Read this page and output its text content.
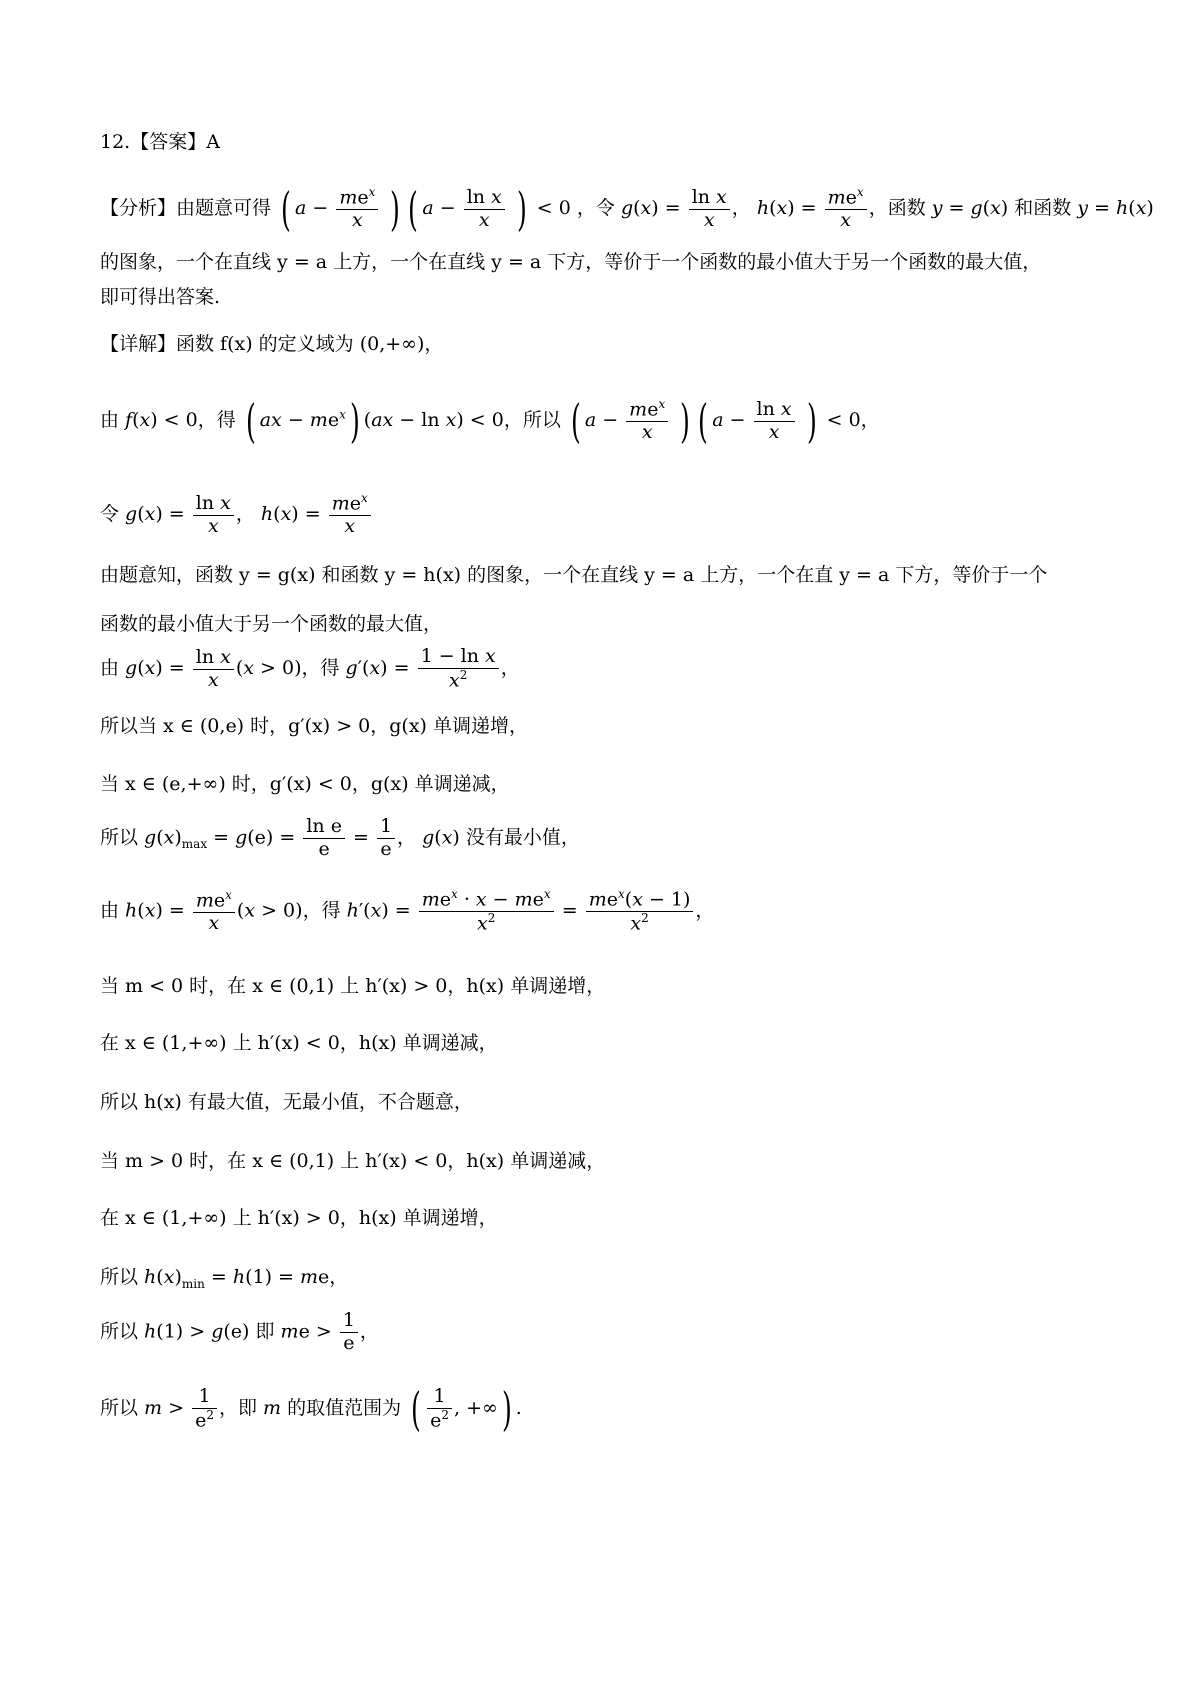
12.【答案】A
【分析】由题意可得 ( $a - me^x$
x ) ( $a - \frac{\text{ln x}}{x}$ ) < 0 ，令 $g(x) = \frac{\text{ln x}}{x}$ ， $h(x) = me^x$
x
，函数 y = g(x) 和函数 y = h(x)
的图象，一个在直线 y = a 上方，一个在直线 y = a 下方，等价于一个函数的最小值大于另一个函数的最大值，
即可得出答案.
【详解】函数 f(x) 的定义域为 (0,+∞)，
由 f(x) < 0，得 ( ax − $me^x$) (ax − ln x) < 0，所以 ( $a - me^x$
x ) ( $a - \frac{\text{ln x}}{x}$ ) < 0，
令 $g(x) = \frac{\text{ln x}}{x}$ ， $h(x) = me^x$
x
由题意知，函数 y = g(x) 和函数 y = h(x) 的图象，一个在直线 y = a 上方，一个在直 y = a 下方，等价于一个
函数的最小值大于另一个函数的最大值，
由 $g(x) = \frac{\text{ln x}}{x} (x > 0)$，得 $g'(x) = \frac{\text{1 − ln x}}{x^2}$ ，
所以当 x ∈ (0,e) 时，g′(x) > 0，g(x) 单调递增，
当 x ∈ (e,+∞) 时，g′(x) < 0，g(x) 单调递减，
所以 $g(x)_{max} = g(e) = \frac{\text{ln e}}{e} = \frac{1}{e}$ ， g(x) 没有最小值，
由 $h(x) = me^x$
x
(x > 0)，得 h′(x) =
$me^x \cdot x - me^x$
$x^2$	=
$me^x(x - 1)$
$x^2$	，
当 m < 0 时，在 x ∈ (0,1) 上 h′(x) > 0，h(x) 单调递增，
在 x ∈ (1,+∞) 上 h′(x) < 0，h(x) 单调递减，
所以 h(x) 有最大值，无最小值，不合题意，
当 m > 0 时，在 x ∈ (0,1) 上 h′(x) < 0，h(x) 单调递减，
在 x ∈ (1,+∞) 上 h′(x) > 0，h(x) 单调递增，
所以 $h(x)_{min} = h(1)$ = me，
所以 h(1) > g(e) 即 me > $\frac{1}{e}$ ，
所以 $m > \frac{1}{e^2}$ ，即 m 的取值范围为 ( $\frac{1}{e^2}$ , +∞) .
